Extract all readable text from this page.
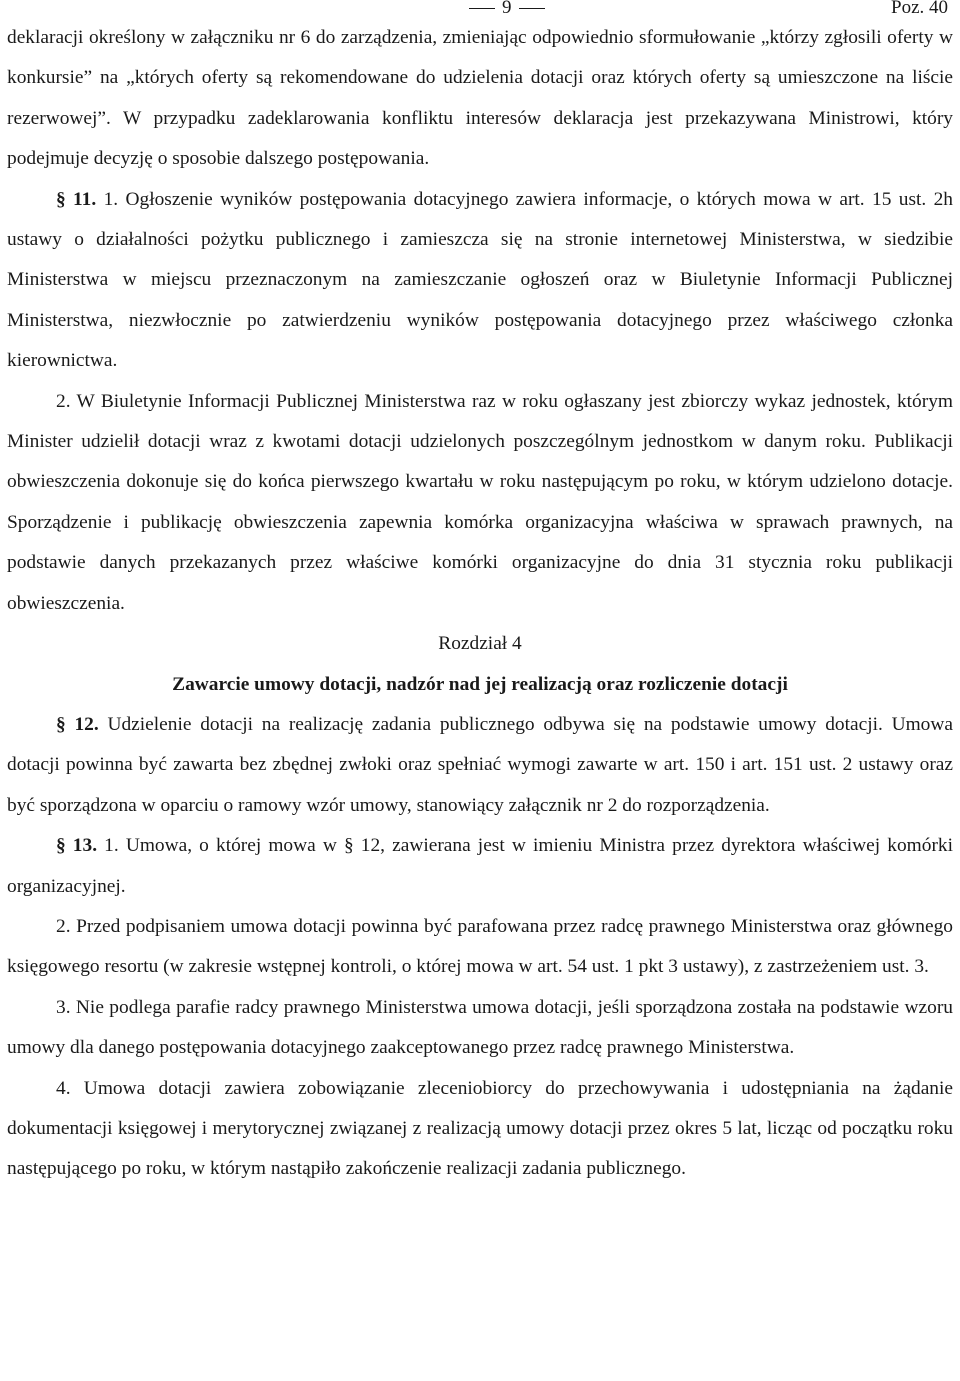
9	Poz. 40

deklaracji określony w załączniku nr 6 do zarządzenia, zmieniając odpowiednio sformułowanie „którzy zgłosili oferty w konkursie” na „których oferty są rekomendowane do udzielenia dotacji oraz których oferty są umieszczone na liście rezerwowej”. W przypadku zadeklarowania konfliktu interesów deklaracja jest przekazywana Ministrowi, który podejmuje decyzję o sposobie dalszego postępowania.

§ 11. 1. Ogłoszenie wyników postępowania dotacyjnego zawiera informacje, o których mowa w art. 15 ust. 2h ustawy o działalności pożytku publicznego i zamieszcza się na stronie internetowej Ministerstwa, w siedzibie Ministerstwa w miejscu przeznaczonym na zamieszczanie ogłoszeń oraz w Biuletynie Informacji Publicznej Ministerstwa, niezwłocznie po zatwierdzeniu wyników postępowania dotacyjnego przez właściwego członka kierownictwa.

2. W Biuletynie Informacji Publicznej Ministerstwa raz w roku ogłaszany jest zbiorczy wykaz jednostek, którym Minister udzielił dotacji wraz z kwotami dotacji udzielonych poszczególnym jednostkom w danym roku. Publikacji obwieszczenia dokonuje się do końca pierwszego kwartału w roku następującym po roku, w którym udzielono dotacje. Sporządzenie i publikację obwieszczenia zapewnia komórka organizacyjna właściwa w sprawach prawnych, na podstawie danych przekazanych przez właściwe komórki organizacyjne do dnia 31 stycznia roku publikacji obwieszczenia.

Rozdział 4

Zawarcie umowy dotacji, nadzór nad jej realizacją oraz rozliczenie dotacji

§ 12. Udzielenie dotacji na realizację zadania publicznego odbywa się na podstawie umowy dotacji. Umowa dotacji powinna być zawarta bez zbędnej zwłoki oraz spełniać wymogi zawarte w art. 150 i art. 151 ust. 2 ustawy oraz być sporządzona w oparciu o ramowy wzór umowy, stanowiący załącznik nr 2 do rozporządzenia.

§ 13. 1. Umowa, o której mowa w § 12, zawierana jest w imieniu Ministra przez dyrektora właściwej komórki organizacyjnej.

2. Przed podpisaniem umowa dotacji powinna być parafowana przez radcę prawnego Ministerstwa oraz głównego księgowego resortu (w zakresie wstępnej kontroli, o której mowa w art. 54 ust. 1 pkt 3 ustawy), z zastrzeżeniem ust. 3.

3. Nie podlega parafie radcy prawnego Ministerstwa umowa dotacji, jeśli sporządzona została na podstawie wzoru umowy dla danego postępowania dotacyjnego zaakceptowanego przez radcę prawnego Ministerstwa.

4. Umowa dotacji zawiera zobowiązanie zleceniobiorcy do przechowywania i udostępniania na żądanie dokumentacji księgowej i merytorycznej związanej z realizacją umowy dotacji przez okres 5 lat, licząc od początku roku następującego po roku, w którym nastąpiło zakończenie realizacji zadania publicznego.
